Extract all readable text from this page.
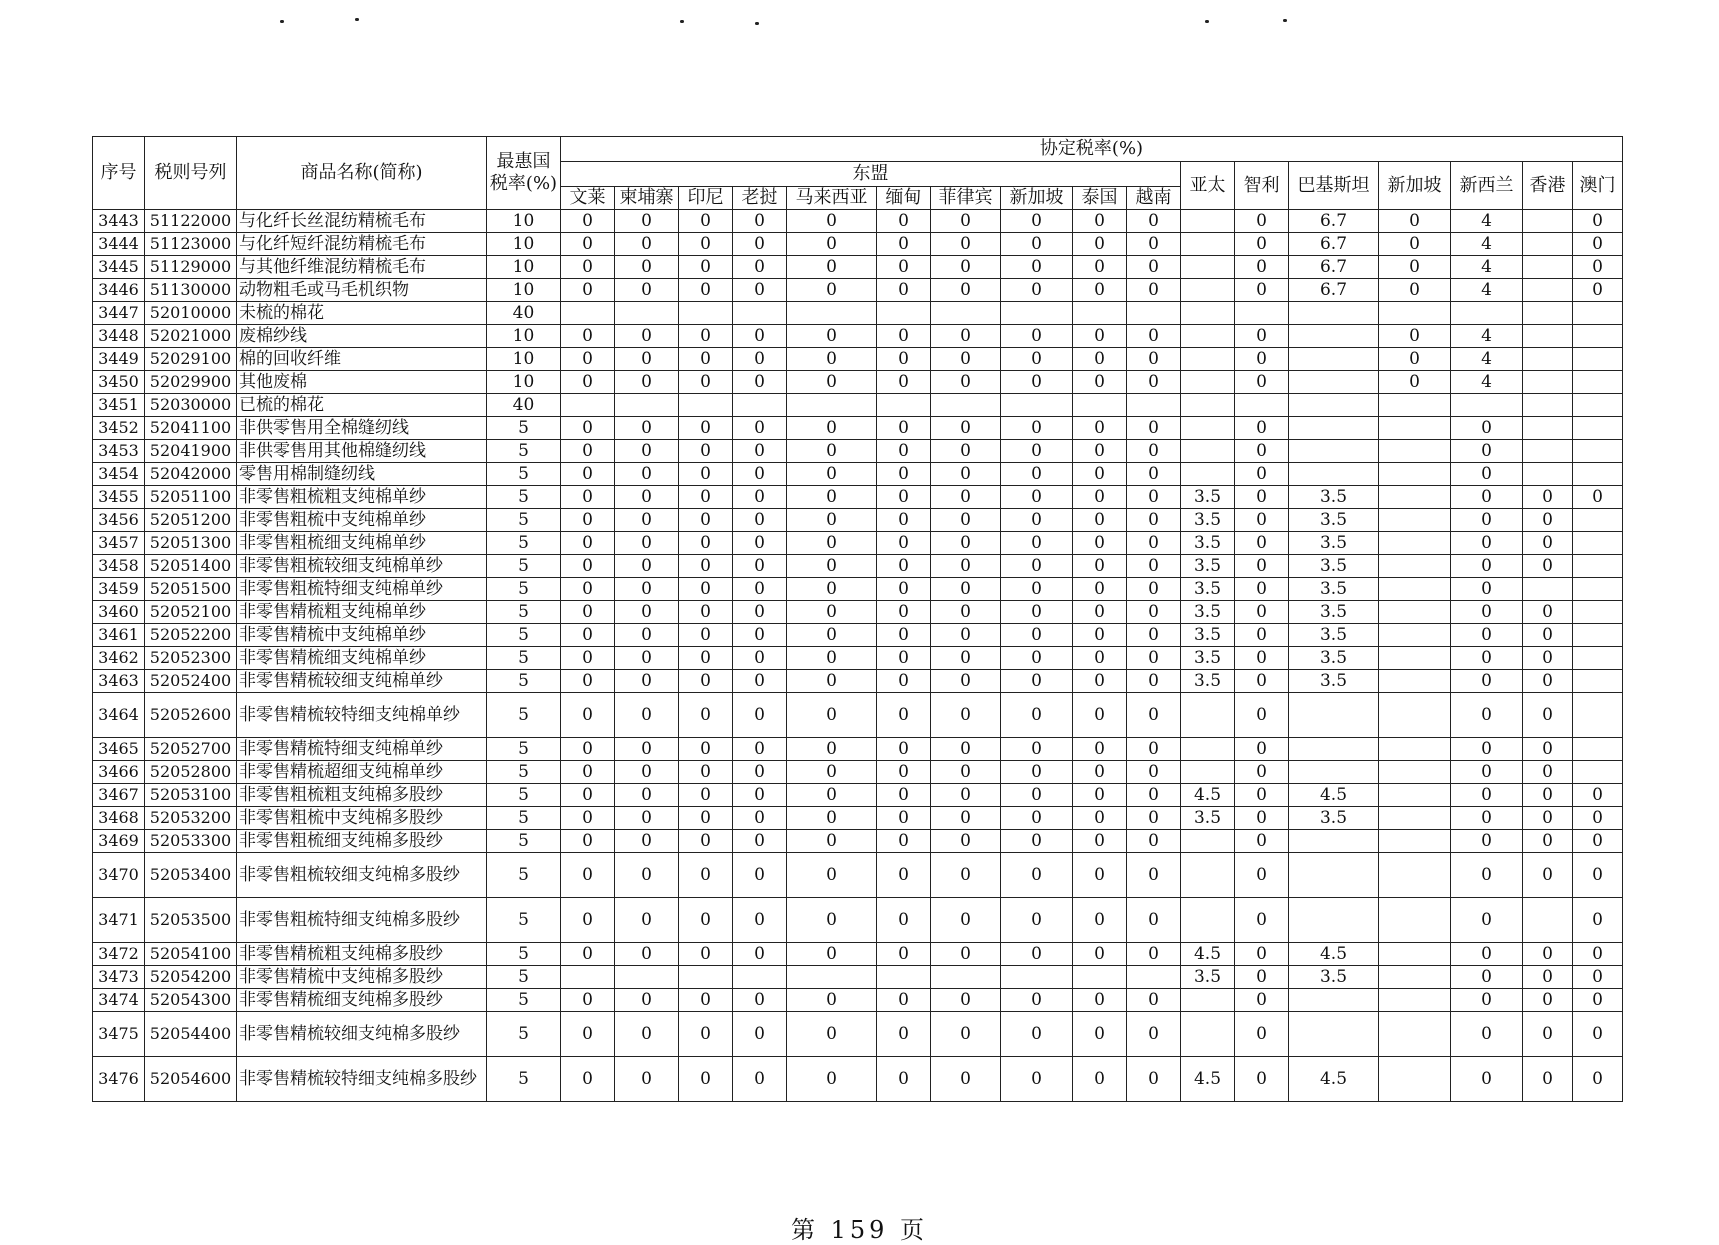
序号	税则号列	商品名称(简称)	最惠国税率(%)	协定税率(%)																
				东盟										亚太	智利	巴基斯坦	新加坡	新西兰	香港	澳门
				文莱	柬埔寨	印尼	老挝	马来西亚	缅甸	菲律宾	新加坡	泰国	越南							
3443	51122000	与化纤长丝混纺精梳毛布	10	0	0	0	0	0	0	0	0	0	0		0	6.7	0	4		0
3444	51123000	与化纤短纤混纺精梳毛布	10	0	0	0	0	0	0	0	0	0	0		0	6.7	0	4		0
3445	51129000	与其他纤维混纺精梳毛布	10	0	0	0	0	0	0	0	0	0	0		0	6.7	0	4		0
3446	51130000	动物粗毛或马毛机织物	10	0	0	0	0	0	0	0	0	0	0		0	6.7	0	4		0
3447	52010000	未梳的棉花	40																	
3448	52021000	废棉纱线	10	0	0	0	0	0	0	0	0	0	0		0		0	4		
3449	52029100	棉的回收纤维	10	0	0	0	0	0	0	0	0	0	0		0		0	4		
3450	52029900	其他废棉	10	0	0	0	0	0	0	0	0	0	0		0		0	4		
3451	52030000	已梳的棉花	40																	
3452	52041100	非供零售用全棉缝纫线	5	0	0	0	0	0	0	0	0	0	0		0			0		
3453	52041900	非供零售用其他棉缝纫线	5	0	0	0	0	0	0	0	0	0	0		0			0		
3454	52042000	零售用棉制缝纫线	5	0	0	0	0	0	0	0	0	0	0		0			0		
3455	52051100	非零售粗梳粗支纯棉单纱	5	0	0	0	0	0	0	0	0	0	0	3.5	0	3.5		0	0	0
3456	52051200	非零售粗梳中支纯棉单纱	5	0	0	0	0	0	0	0	0	0	0	3.5	0	3.5		0	0	
3457	52051300	非零售粗梳细支纯棉单纱	5	0	0	0	0	0	0	0	0	0	0	3.5	0	3.5		0	0	
3458	52051400	非零售粗梳较细支纯棉单纱	5	0	0	0	0	0	0	0	0	0	0	3.5	0	3.5		0	0	
3459	52051500	非零售粗梳特细支纯棉单纱	5	0	0	0	0	0	0	0	0	0	0	3.5	0	3.5		0		
3460	52052100	非零售精梳粗支纯棉单纱	5	0	0	0	0	0	0	0	0	0	0	3.5	0	3.5		0	0	
3461	52052200	非零售精梳中支纯棉单纱	5	0	0	0	0	0	0	0	0	0	0	3.5	0	3.5		0	0	
3462	52052300	非零售精梳细支纯棉单纱	5	0	0	0	0	0	0	0	0	0	0	3.5	0	3.5		0	0	
3463	52052400	非零售精梳较细支纯棉单纱	5	0	0	0	0	0	0	0	0	0	0	3.5	0	3.5		0	0	
3464	52052600	非零售精梳较特细支纯棉单纱	5	0	0	0	0	0	0	0	0	0	0		0			0	0	
3465	52052700	非零售精梳特细支纯棉单纱	5	0	0	0	0	0	0	0	0	0	0		0			0	0	
3466	52052800	非零售精梳超细支纯棉单纱	5	0	0	0	0	0	0	0	0	0	0		0			0	0	
3467	52053100	非零售粗梳粗支纯棉多股纱	5	0	0	0	0	0	0	0	0	0	0	4.5	0	4.5		0	0	0
3468	52053200	非零售粗梳中支纯棉多股纱	5	0	0	0	0	0	0	0	0	0	0	3.5	0	3.5		0	0	0
3469	52053300	非零售粗梳细支纯棉多股纱	5	0	0	0	0	0	0	0	0	0	0		0			0	0	0
3470	52053400	非零售粗梳较细支纯棉多股纱	5	0	0	0	0	0	0	0	0	0	0		0			0	0	0
3471	52053500	非零售粗梳特细支纯棉多股纱	5	0	0	0	0	0	0	0	0	0	0		0			0		0
3472	52054100	非零售精梳粗支纯棉多股纱	5	0	0	0	0	0	0	0	0	0	0	4.5	0	4.5		0	0	0
3473	52054200	非零售精梳中支纯棉多股纱	5											3.5	0	3.5		0	0	0
3474	52054300	非零售精梳细支纯棉多股纱	5	0	0	0	0	0	0	0	0	0	0		0			0	0	0
3475	52054400	非零售精梳较细支纯棉多股纱	5	0	0	0	0	0	0	0	0	0	0		0			0	0	0
3476	52054600	非零售精梳较特细支纯棉多股纱	5	0	0	0	0	0	0	0	0	0	0	4.5	0	4.5		0	0	0
第 159 页
